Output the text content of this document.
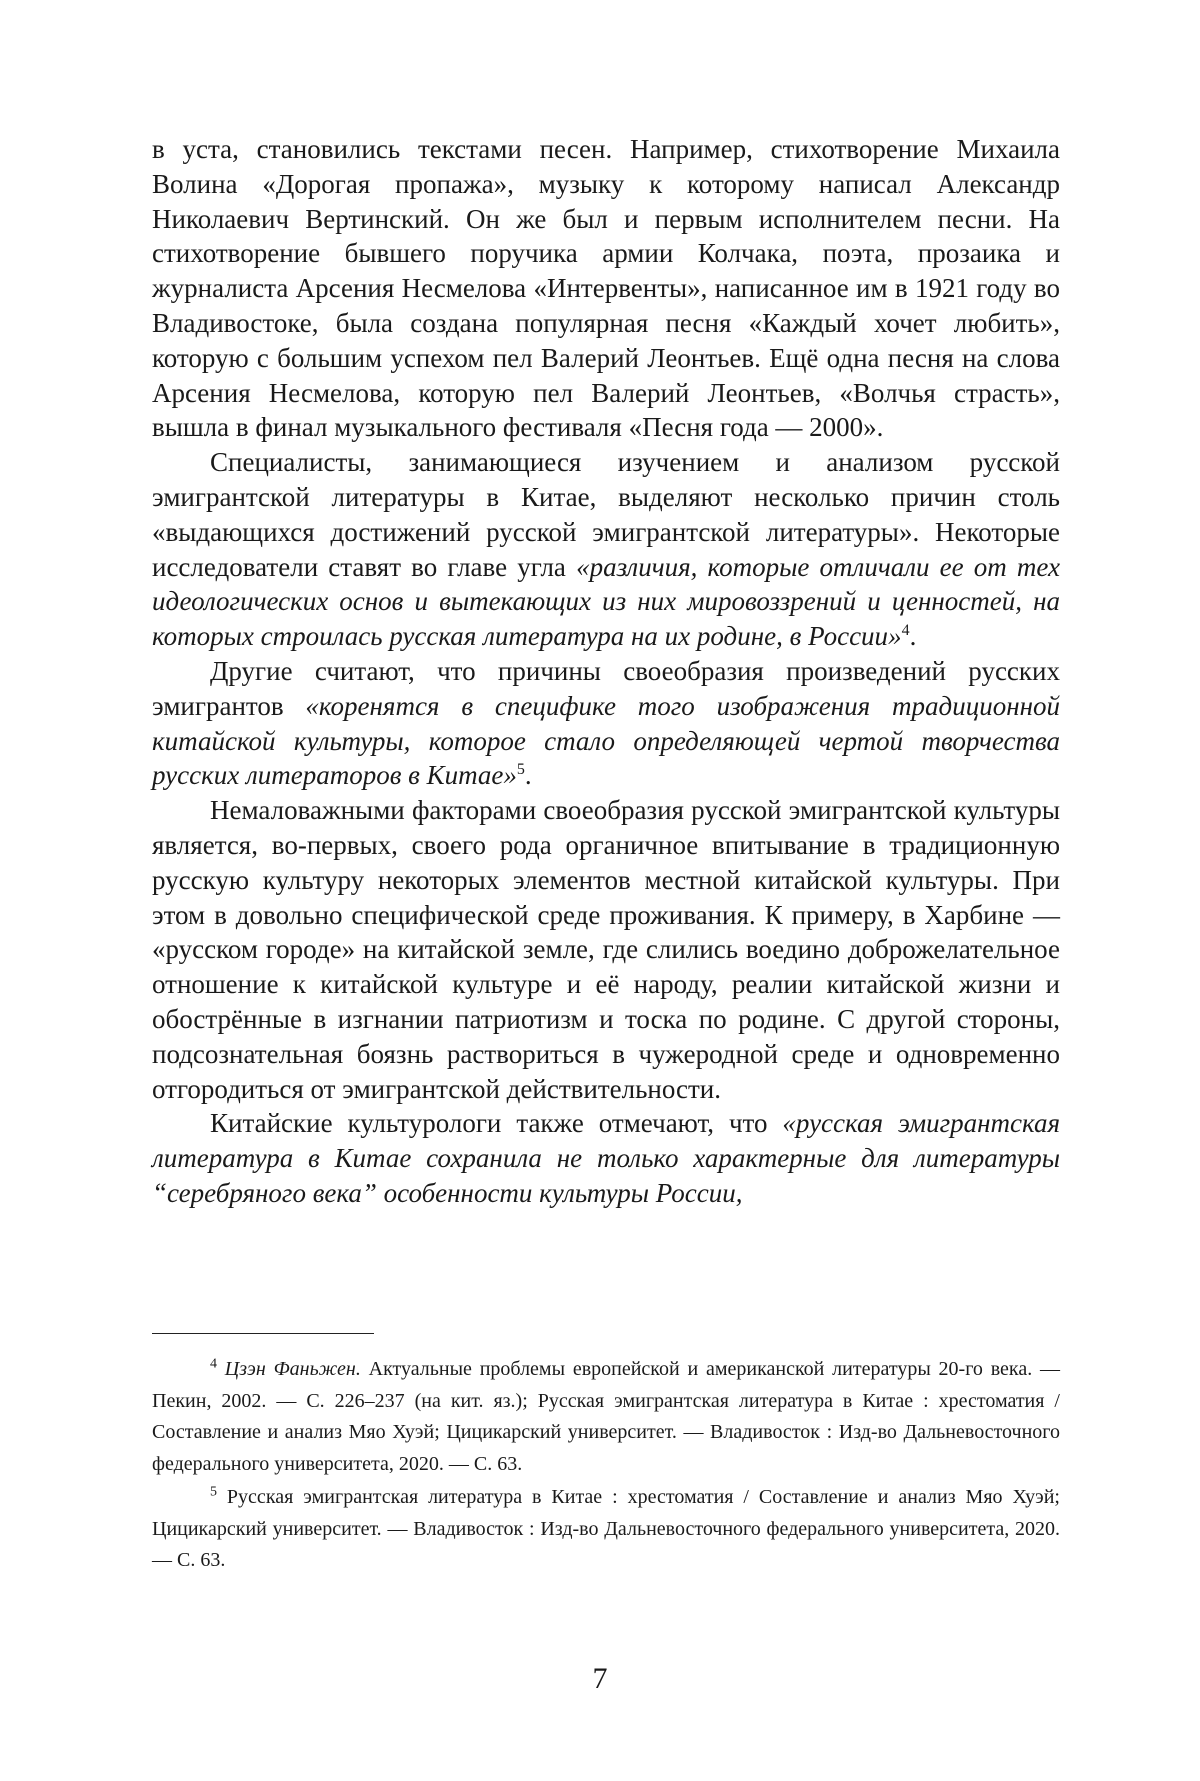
в уста, становились текстами песен. Например, стихотворение Михаила Волина «Дорогая пропажа», музыку к которому написал Александр Николаевич Вертинский. Он же был и первым исполнителем песни. На стихотворение бывшего поручика армии Колчака, поэта, прозаика и журналиста Арсения Несмелова «Интервенты», написанное им в 1921 году во Владивостоке, была создана популярная песня «Каждый хочет любить», которую с большим успехом пел Валерий Леонтьев. Ещё одна песня на слова Арсения Несмелова, которую пел Валерий Леонтьев, «Волчья страсть», вышла в финал музыкального фестиваля «Песня года — 2000».

Специалисты, занимающиеся изучением и анализом русской эмигрантской литературы в Китае, выделяют несколько причин столь «выдающихся достижений русской эмигрантской литературы». Некоторые исследователи ставят во главе угла «различия, которые отличали ее от тех идеологических основ и вытекающих из них мировоззрений и ценностей, на которых строилась русская литература на их родине, в России»4.

Другие считают, что причины своеобразия произведений русских эмигрантов «коренятся в специфике того изображения традиционной китайской культуры, которое стало определяющей чертой творчества русских литераторов в Китае»5.

Немаловажными факторами своеобразия русской эмигрантской культуры является, во-первых, своего рода органичное впитывание в традиционную русскую культуру некоторых элементов местной китайской культуры. При этом в довольно специфической среде проживания. К примеру, в Харбине — «русском городе» на китайской земле, где слились воедино доброжелательное отношение к китайской культуре и её народу, реалии китайской жизни и обострённые в изгнании патриотизм и тоска по родине. С другой стороны, подсознательная боязнь раствориться в чужеродной среде и одновременно отгородиться от эмигрантской действительности.

Китайские культурологи также отмечают, что «русская эмигрантская литература в Китае сохранила не только характерные для литературы “серебряного века” особенности культуры России,

4 Цзэн Фаньжен. Актуальные проблемы европейской и американской литературы 20-го века. — Пекин, 2002. — С. 226–237 (на кит. яз.); Русская эмигрантская литература в Китае : хрестоматия / Составление и анализ Мяо Хуэй; Цицикарский университет. — Владивосток : Изд-во Дальневосточного федерального университета, 2020. — С. 63.

5 Русская эмигрантская литература в Китае : хрестоматия / Составление и анализ Мяо Хуэй; Цицикарский университет. — Владивосток : Изд-во Дальневосточного федерального университета, 2020. — С. 63.

7
